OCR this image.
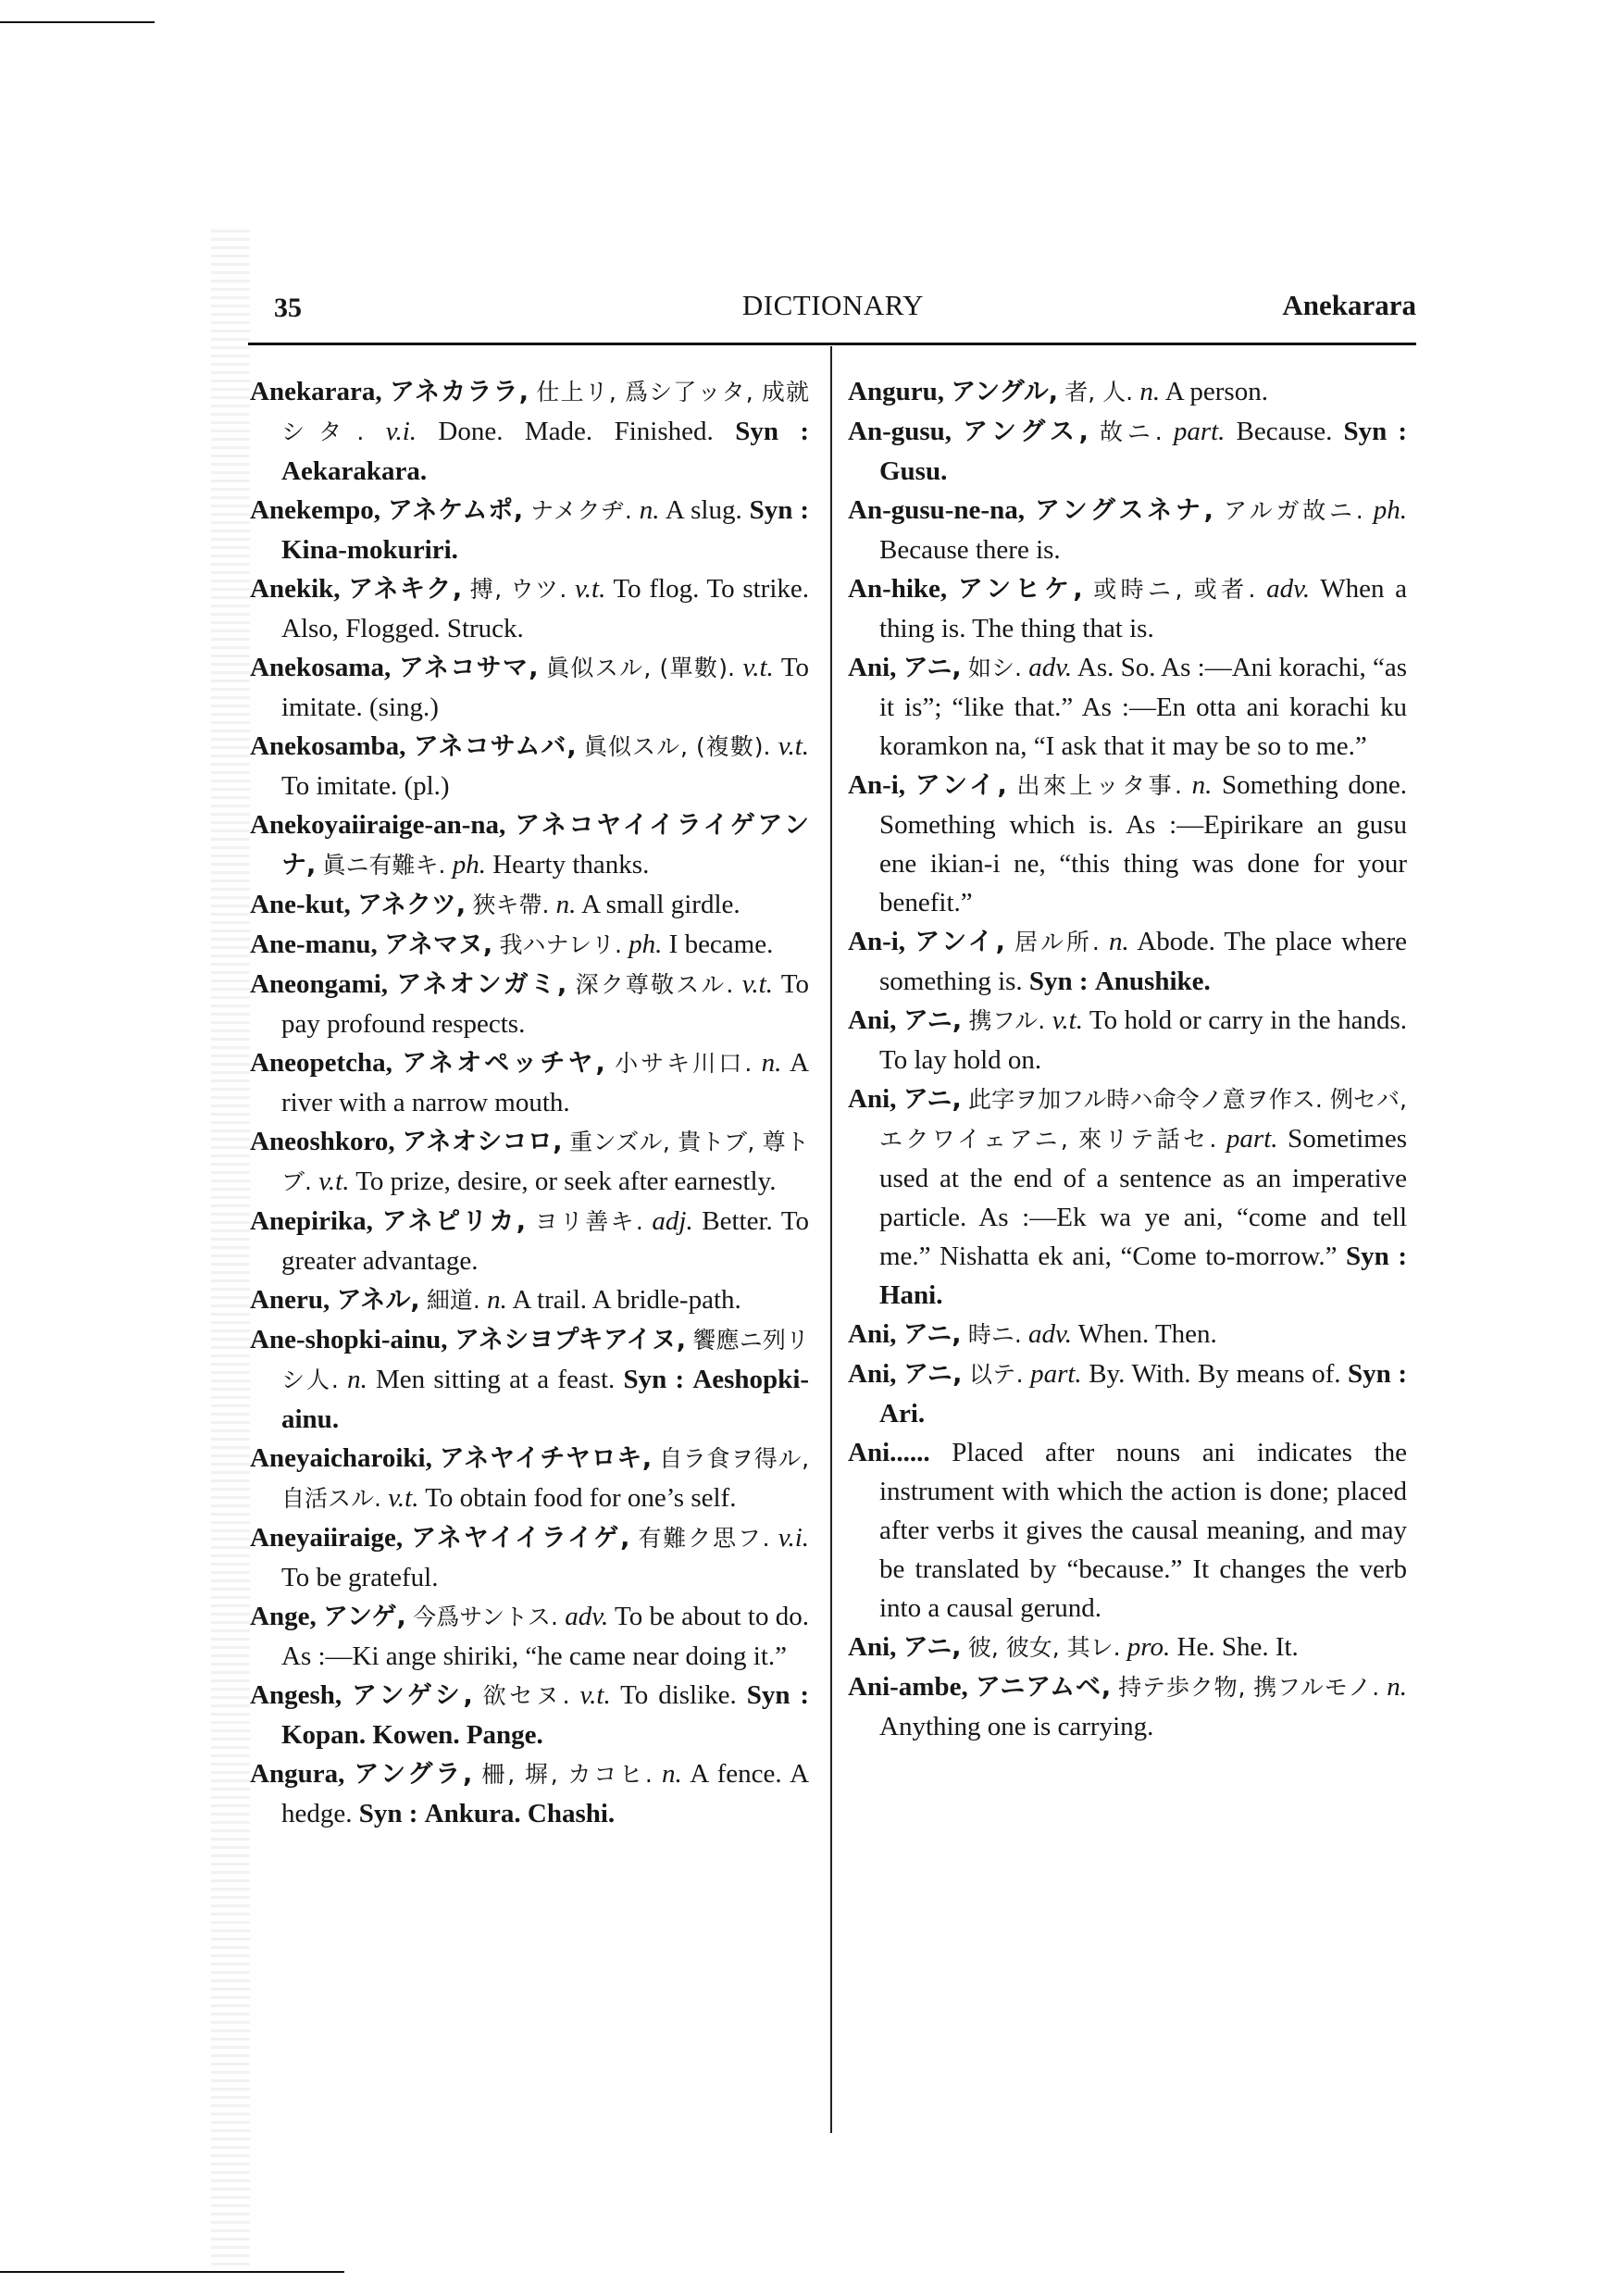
35	DICTIONARY	Anekarara

Anekarara, アネカララ, 仕上リ, 爲シ了ッタ, 成就シタ. v.i. Done. Made. Finished. Syn : Aekarakara.

Anekempo, アネケムポ, ナメクヂ. n. A slug. Syn : Kina-mokuriri.

Anekik, アネキク, 搏, ウツ. v.t. To flog. To strike. Also, Flogged. Struck.

Anekosama, アネコサマ, 眞似スル, (單數). v.t. To imitate. (sing.)

Anekosamba, アネコサムバ, 眞似スル, (複數). v.t. To imitate. (pl.)

Anekoyaiiraige-an-na, アネコヤイイライゲアンナ, 眞ニ有難キ. ph. Hearty thanks.

Ane-kut, アネクツ, 狹キ帶. n. A small girdle.

Ane-manu, アネマヌ, 我ハナレリ. ph. I became.

Aneongami, アネオンガミ, 深ク尊敬スル. v.t. To pay profound respects.

Aneopetcha, アネオペッチヤ, 小サキ川口. n. A river with a narrow mouth.

Aneoshkoro, アネオシコロ, 重ンズル, 貴トブ, 尊トブ. v.t. To prize, desire, or seek after earnestly.

Anepirika, アネピリカ, ヨリ善キ. adj. Better. To greater advantage.

Aneru, アネル, 細道. n. A trail. A bridle-path.

Ane-shopki-ainu, アネシヨプキアイヌ, 饗應ニ列リシ人. n. Men sitting at a feast. Syn : Aeshopki-ainu.

Aneyaicharoiki, アネヤイチヤロキ, 自ラ食ヲ得ル, 自活スル. v.t. To obtain food for one’s self.

Aneyaiiraige, アネヤイイライゲ, 有難ク思フ. v.i. To be grateful.

Ange, アンゲ, 今爲サントス. adv. To be about to do. As :—Ki ange shiriki, “he came near doing it.”

Angesh, アンゲシ, 欲セヌ. v.t. To dislike. Syn : Kopan. Kowen. Pange.

Angura, アングラ, 柵, 塀, カコヒ. n. A fence. A hedge. Syn : Ankura. Chashi.

Anguru, アングル, 者, 人. n. A person.

An-gusu, アングス, 故ニ. part. Because. Syn : Gusu.

An-gusu-ne-na, アングスネナ, アルガ故ニ. ph. Because there is.

An-hike, アンヒケ, 或時ニ, 或者. adv. When a thing is. The thing that is.

Ani, アニ, 如シ. adv. As. So. As :—Ani korachi, “as it is”; “like that.” As :—En otta ani korachi ku koramkon na, “I ask that it may be so to me.”

An-i, アンイ, 出來上ッタ事. n. Something done. Something which is. As :—Epirikare an gusu ene ikian-i ne, “this thing was done for your benefit.”

An-i, アンイ, 居ル所. n. Abode. The place where something is. Syn : Anushike.

Ani, アニ, 携フル. v.t. To hold or carry in the hands. To lay hold on.

Ani, アニ, 此字ヲ加フル時ハ命令ノ意ヲ作ス. 例セバ, エクワイェアニ, 來リテ話セ. part. Sometimes used at the end of a sentence as an imperative particle. As :—Ek wa ye ani, “come and tell me.” Nishatta ek ani, “Come to-morrow.” Syn : Hani.

Ani, アニ, 時ニ. adv. When. Then.

Ani, アニ, 以テ. part. By. With. By means of. Syn : Ari.

Ani...... Placed after nouns ani indicates the instrument with which the action is done; placed after verbs it gives the causal meaning, and may be translated by “because.” It changes the verb into a causal gerund.

Ani, アニ, 彼, 彼女, 其レ. pro. He. She. It.

Ani-ambe, アニアムベ, 持テ歩ク物, 携フルモノ. n. Anything one is carrying.
